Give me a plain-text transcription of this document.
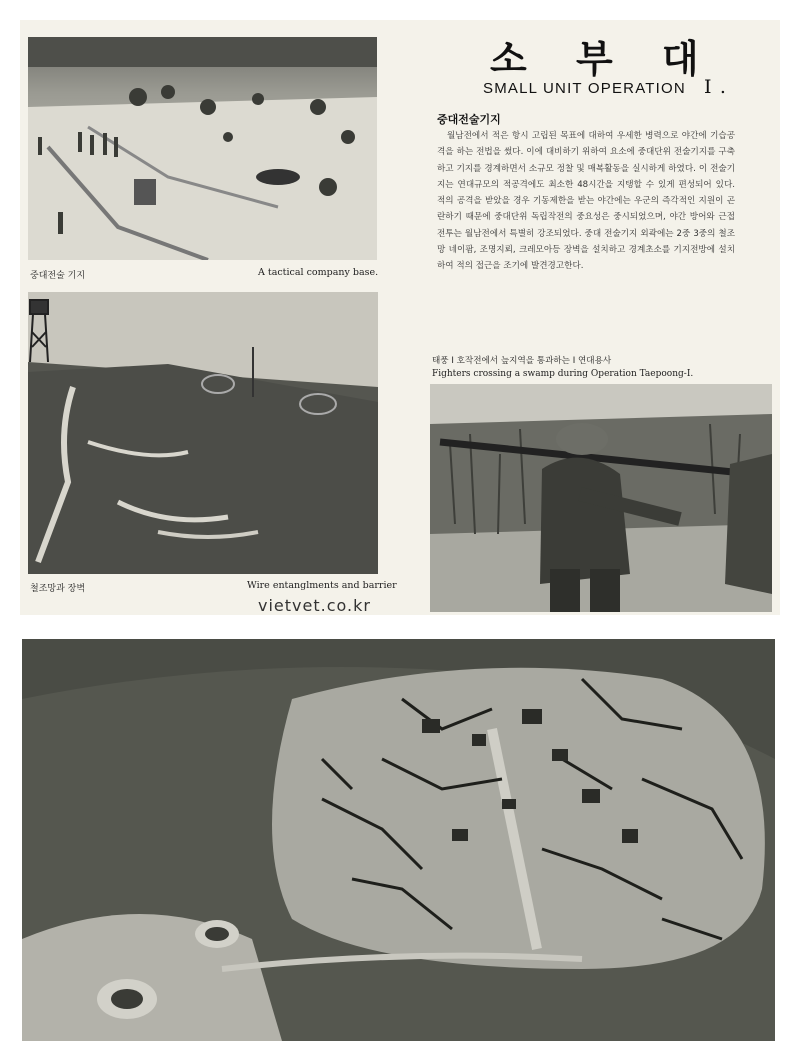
중대전술 기지	A tactical company base.
철조망과 장벽	Wire entanglments and barrier
소 부 대
SMALL UNIT OPERATION I .
중대전술기지
월남전에서 적은 항시 고립된 목표에 대하여 우세한 병력으로 야간에 기습공격을 하는 전법을 썼다. 이에 대비하기 위하여 요소에 중대단위 전술기지를 구축하고 기지를 경계하면서 소규모 정찰 및 매복활동을 실시하게 하였다. 이 전술기지는 연대규모의 적공격에도 최소한 48시간을 지탱할 수 있게 편성되어 있다. 적의 공격을 받았을 경우 기동제한을 받는 야간에는 우군의 즉각적인 지원이 곤란하기 때문에 중대단위 독립작전의 중요성은 중시되었으며, 야간 방어와 근접전투는 월남전에서 특별히 강조되었다. 중대 전술기지 외곽에는 2중 3중의 철조망 네이팜, 조명지뢰, 크레모아등 장벽을 설치하고 경계초소를 기지전방에 설치하여 적의 접근을 조기에 발견경고한다.
태풍 I 호작전에서 늪지역을 통과하는 I 연대용사
Fighters crossing a swamp during Operation Taepoong-I.
vietvet.co.kr
